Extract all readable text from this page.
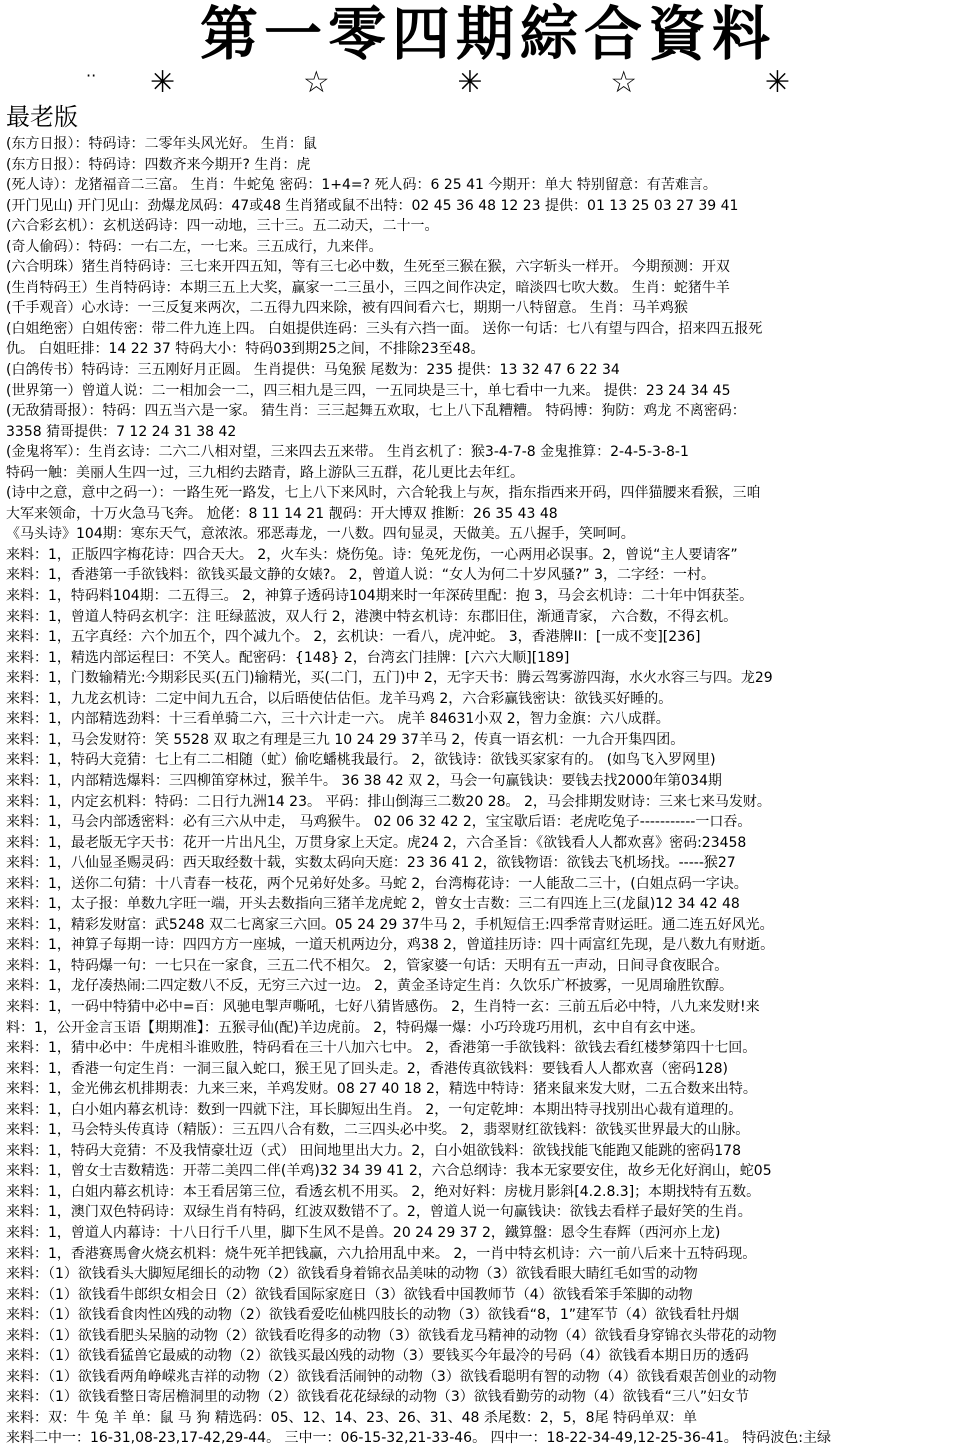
第一零四期綜合資料
·· ✳	☆	✳	☆	✳
最老版
(东方日报）：特码诗：二零年头风光好。 生肖：鼠
(东方日报）：特码诗：四数齐来今期开? 生肖：虎
(死人诗）：龙猪福音二三富。 生肖：牛蛇兔 密码：1+4=? 死人码：6 25 41 今期开：单大 特别留意：有苦难言。
(开门见山) 开门见山：劲爆龙凤码：47或48 生肖猪或鼠不出特：02 45 36 48 12 23 提供：01 13 25 03 27 39 41
(六合彩玄机）：玄机送码诗：四一动地，三十三。五二动天，二十一。
(奇人偷码）：特码：一右二左，一七来。三五成行，九来伴。
(六合明珠）猪生肖特码诗：三七来开四五知，等有三七必中数，生死至三猴在猴，六字斩头一样开。 今期预测：开双
(生肖特码王）生肖特码诗：本期三五上大奖，赢家一二三虽小，三四之间作决定，暗淡四七吹大数。 生肖：蛇猪牛羊
(千手观音）心水诗：一三反复来两次，二五得九四来除，被有四间看六七，期期一八特留意。 生肖：马羊鸡猴
(白姐绝密）白姐传密：带二件九连上四。 白姐提供连码：三头有六挡一面。 送你一句话：七八有望与四合，招来四五报死
仇。 白姐旺排：14 22 37 特码大小：特码03到期25之间，不排除23至48。
(白鸽传书）特码诗：三五刚好月正圆。 生肖提供：马兔猴 尾数为：235 提供：13 32 47 6 22 34
(世界第一）曾道人说：二一相加会一二，四三相九是三四，一五同块是三十，单七看中一九来。 提供：23 24 34 45
(无敌猜哥报）：特码：四五当六是一家。 猜生肖：三三起舞五欢取，七上八下乱糟糟。 特码博：狗防：鸡龙 不离密码：
3358 猜哥提供：7 12 24 31 38 42
(金鬼将军）：生肖玄诗：二六二八相对望，三来四去五来带。 生肖玄机了：猴3-4-7-8 金鬼推算：2-4-5-3-8-1
特码一触：美丽人生四一过，三九相约去踏青，路上游队三五群，花儿更比去年红。
(诗中之意，意中之码一）：一路生死一路发，七上八下来风时，六合轮我上与灰，指东指西来开码，四伴猫腰来看猴，三咱
大军来领命，十万火急马飞奔。 尬佬：8 11 14 21 靓码：开大博双 推断：26 35 43 48
《马头诗》104期：寒东天气，意浓浓。邪恶毒龙，一八数。四旬显灵，天做美。五八握手，笑呵呵。
来料：1，正版四字梅花诗：四合天大。 2，火车头：烧伤兔。诗：兔死龙伤，一心两用必误事。2，曾说“主人要请客”
来料：1，香港第一手欲钱料：欲钱买最文静的女婊?。 2，曾道人说：“女人为何二十岁风骚?” 3，二字经：一村。
来料：1，特码料104期：二五得三。 2，神算子透码诗104期来时一年深砖里配：抱 3，马会玄机诗：二十年中饵获荃。
来料：1，曾道人特码玄机字：注 旺绿蓝波，双人行 2，港澳中特玄机诗：东郡旧住，渐通青家， 六合数，不得玄机。
来料：1，五字真经：六个加五个，四个减九个。 2，玄机诀：一看八，虎冲蛇。 3，香港牌II：[一成不变][236]
来料：1，精选内部运程曰：不笑人。配密码：{148} 2，台湾玄门挂牌：[六六大顺][189]
来料：1，门数输精光:今期彩民买(五门)输精光，买(二门，五门)中 2，无字天书：腾云驾雾游四海，水火水容三与四。龙29
来料：1，九龙玄机诗：二定中间九五合，以后晤使估估佢。龙羊马鸡 2，六合彩赢钱密诀：欲钱买好睡的。
来料：1，内部精选劲料：十三看单骑二六，三十六计走一六。 虎羊 84631小双 2，智力金旗：六八成群。
来料：1，马会发财符：笑 5528 双 取之有理是三九 10 24 29 37羊马 2，传真一语玄机：一九合开集四团。
来料：1，特码大竞猜：七上有二二相随（虻）偷吃蟠桃我最行。 2，欲钱诗：欲钱买家家有的。 (如鸟飞入罗网里)
来料：1，内部精选爆料：三四柳笛穿林过，猴羊牛。 36 38 42 双 2，马会一句赢钱诀：要钱去找2000年第034期
来料：1，内定玄机料：特码：二日行九洲14 23。 平码：排山倒海三二数20 28。 2，马会排期发财诗：三来七来马发财。
来料：1，马会内部透密料：必有三六从中走， 马鸡猴牛。 02 06 32 42 2，宝宝歇后语：老虎吃兔子-----------一口吞。
来料：1，最老版无字天书：花开一片出凡尘，万贯身家上天定。虎24 2，六合圣旨：《欲钱看人人都欢喜》密码:23458
来料：1，八仙显圣赐灵码：西天取经数十载，实数太码向天庭：23 36 41 2，欲钱物语：欲钱去飞机场找。-----猴27
来料：1，送你二句猜：十八青春一枝花，两个兄弟好处多。马蛇 2，台湾梅花诗：一人能敌二三十，(白姐点码一字诀。
来料：1，太子报：单数九字旺一端，开头去数指向三猪羊龙虎蛇 2，曾女士吉数：三二有四连上三(龙鼠)12 34 42 48
来料：1，精彩发财富：武5248 双二七离家三六回。05 24 29 37牛马 2，手机短信王:四季常青财运旺。通二连五好风光。
来料：1，神算子每期一诗：四四方方一座城，一道天机两边分，鸡38 2，曾道挂历诗：四十両富红先现，是八数九有财逝。
来料：1，特码爆一句：一七只在一家食，三五二代不相欠。 2，管家婆一句话：天明有五一声动，日间寻食夜眠合。
来料：1，龙仔凑热闹:二四定数八不反，无穷三六过一边。 2，黄金圣诗定生肖：久饮乐广杯披雾，一见周瑜胜钦醇。
来料：1，一码中特猜中必中=百：风驰电掣声嘶吼，七好八猜皆感伤。 2，生肖特一玄：三前五后必中特，八九来发财!来
料：1，公开金言玉语【期期准】：五猴寻仙(配)羊边虎前。 2，特码爆一爆：小巧玲珑巧用机，玄中自有玄中迷。
来料：1，猜中必中：牛虎相斗谁败胜，特码看在三十八加六七中。 2，香港第一手欲钱料：欲钱去看红楼梦第四十七回。
来料：1，香港一句定生肖：一洞三鼠入蛇口，猴王见了回头走。2，香港传真欲钱料：要钱看人人都欢喜（密码128)
来料：1，金光佛玄机排期表：九来三来，羊鸡发财。08 27 40 18 2，精选中特诗：猪来鼠来发大财，二五合数来出特。
来料：1，白小姐内幕玄机诗：数到一四就下注，耳长脚短出生肖。 2，一句定乾坤：本期出特寻找别出心裁有道理的。
来料：1，马会特头传真诗（精版）：三五四八合有数，二三四头必中奖。 2，翡翠财红欲钱料：欲钱买世界最大的山脉。
来料：1，特码大竞猜：不及我情豪壮迈（式） 田间地里出大力。2，白小姐欲钱料：欲钱找能飞能跑又能跳的密码178
来料：1，曾女士吉数精选：开蒂二美四二伴(羊鸡)32 34 39 41 2，六合总纲诗：我本无家要安住，故乡无化好润山，蛇05
来料：1，白姐内幕玄机诗：本王看居第三位，看透玄机不用买。 2，绝对好料：房栊月影斜[4.2.8.3]；本期找特有五数。
来料：1，澳门双色特码诗：双绿生肖有特码，红波双数错不了。2，曾道人说一句赢钱诀：欲钱去看样子最好笑的生肖。
来料：1，曾道人内幕诗：十八日行千八里，脚下生风不是兽。20 24 29 37 2，鐵算盤：恩令生春辉（西河亦上龙)
来料：1，香港赛馬會火烧玄机料：烧牛死羊把钱赢，六九拾用乱中来。 2，一肖中特玄机诗：六一前八后来十五特码现。
来料：（1）欲钱看头大脚短尾细长的动物（2）欲钱看身着锦衣品美味的动物（3）欲钱看眼大睛红毛如雪的动物
来料：（1）欲钱看牛郎织女相会日（2）欲钱看国际家庭日（3）欲钱看中国教师节（4）欲钱看笨手笨脚的动物
来料：（1）欲钱看食肉性凶残的动物（2）欲钱看爱吃仙桃四肢长的动物（3）欲钱看“8，1”建军节（4）欲钱看牡丹烟
来料：（1）欲钱看肥头呆脑的动物（2）欲钱看吃得多的动物（3）欲钱看龙马精神的动物（4）欲钱看身穿锦衣头带花的动物
来料：（1）欲钱看猛兽它最威的动物（2）欲钱买最凶残的动物（3）要钱买今年最冷的号码（4）欲钱看本期日历的透码
来料：（1）欲钱看两角峥嵘兆吉祥的动物（2）欲钱看活闹钟的动物（3）欲钱看聪明有智的动物（4）欲钱看艰苦创业的动物
来料：（1）欲钱看整日寄居檐洞里的动物（2）欲钱看花花绿绿的动物（3）欲钱看勤劳的动物（4）欲钱看“三八”妇女节
来料：双：牛 兔 羊 单：鼠 马 狗 精选码：05、12、14、23、26、31、48 杀尾数：2，5，8尾 特码单双：单
来料二中一：16-31,08-23,17-42,29-44。 三中一：06-15-32,21-33-46。 四中一：18-22-34-49,12-25-36-41。 特码波色:主绿
